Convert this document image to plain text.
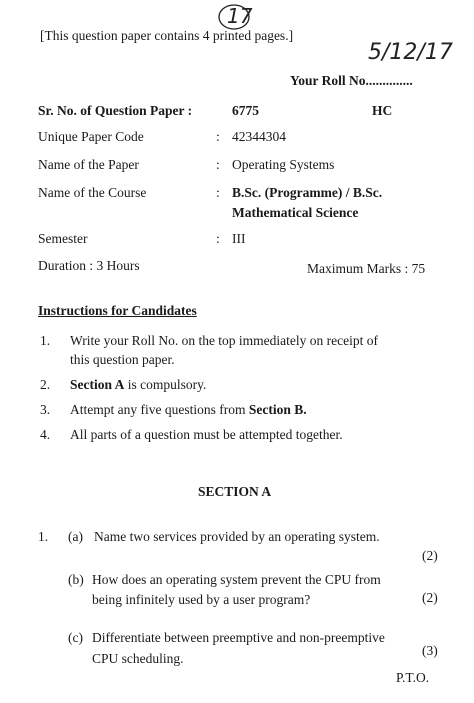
[This question paper contains 4 printed pages.]
17
5/12/17
Your Roll No..............
Sr. No. of Question Paper :	6775	HC
Unique Paper Code	: 42344304
Name of the Paper	: Operating Systems
Name of the Course	: B.Sc. (Programme) / B.Sc.
Mathematical Science
Semester	: III
Duration : 3 Hours	Maximum Marks : 75
Instructions for Candidates
1. Write your Roll No. on the top immediately on receipt of
this question paper.
2. Section A is compulsory.
3. Attempt any five questions from Section B.
4. All parts of a question must be attempted together.
SECTION A
1. (a) Name two services provided by an operating system.
(2)
(b) How does an operating system prevent the CPU from
being infinitely used by a user program?	(2)
(c) Differentiate between preemptive and non-preemptive
CPU scheduling.
(3)
P.T.O.
